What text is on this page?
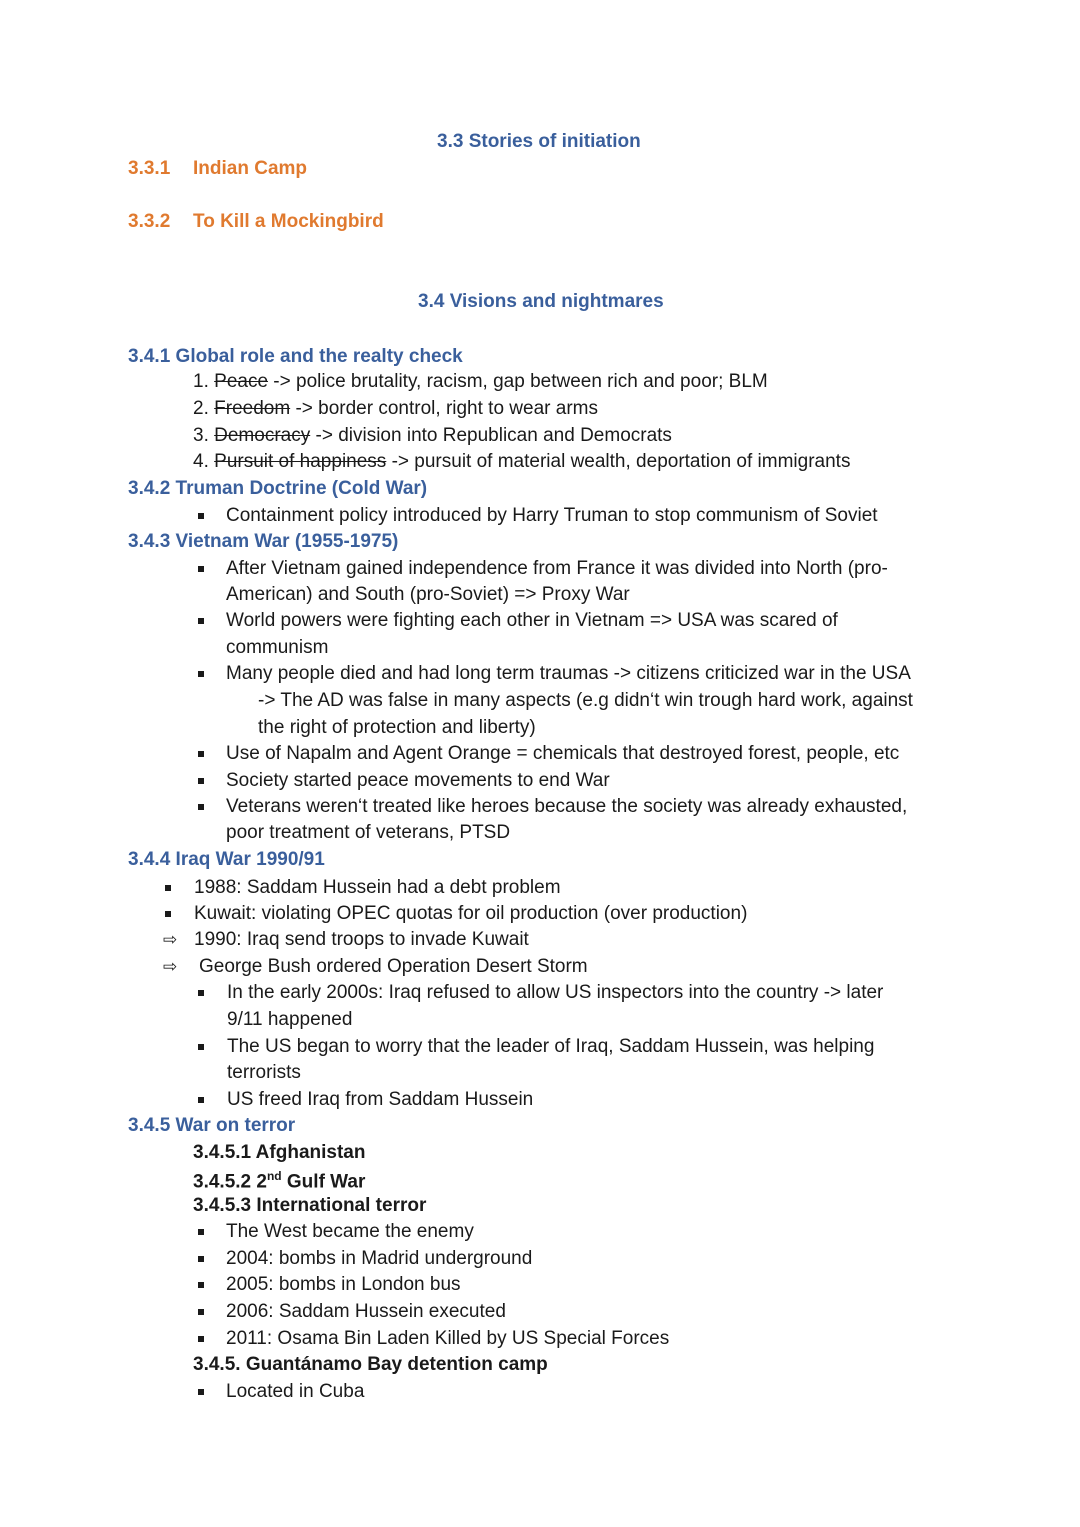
3.3 Stories of initiation
3.3.1 Indian Camp
3.3.2 To Kill a Mockingbird
3.4 Visions and nightmares
3.4.1 Global role and the realty check
1. Peace -> police brutality, racism, gap between rich and poor; BLM
2. Freedom -> border control, right to wear arms
3. Democracy -> division into Republican and Democrats
4. Pursuit of happiness -> pursuit of material wealth, deportation of immigrants
3.4.2 Truman Doctrine (Cold War)
Containment policy introduced by Harry Truman to stop communism of Soviet
3.4.3 Vietnam War (1955-1975)
After Vietnam gained independence from France it was divided into North (pro-
American) and South (pro-Soviet) => Proxy War
World powers were fighting each other in Vietnam => USA was scared of
communism
Many people died and had long term traumas -> citizens criticized war in the USA
-> The AD was false in many aspects (e.g didn‘t win trough hard work, against
the right of protection and liberty)
Use of Napalm and Agent Orange = chemicals that destroyed forest, people, etc
Society started peace movements to end War
Veterans weren‘t treated like heroes because the society was already exhausted,
poor treatment of veterans, PTSD
3.4.4 Iraq War 1990/91
1988: Saddam Hussein had a debt problem
Kuwait: violating OPEC quotas for oil production (over production)
⇨ 1990: Iraq send troops to invade Kuwait
⇨ George Bush ordered Operation Desert Storm
In the early 2000s: Iraq refused to allow US inspectors into the country -> later
9/11 happened
The US began to worry that the leader of Iraq, Saddam Hussein, was helping
terrorists
US freed Iraq from Saddam Hussein
3.4.5 War on terror
3.4.5.1 Afghanistan
3.4.5.2 2nd Gulf War
3.4.5.3 International terror
The West became the enemy
2004: bombs in Madrid underground
2005: bombs in London bus
2006: Saddam Hussein executed
2011: Osama Bin Laden Killed by US Special Forces
3.4.5. Guantánamo Bay detention camp
Located in Cuba
